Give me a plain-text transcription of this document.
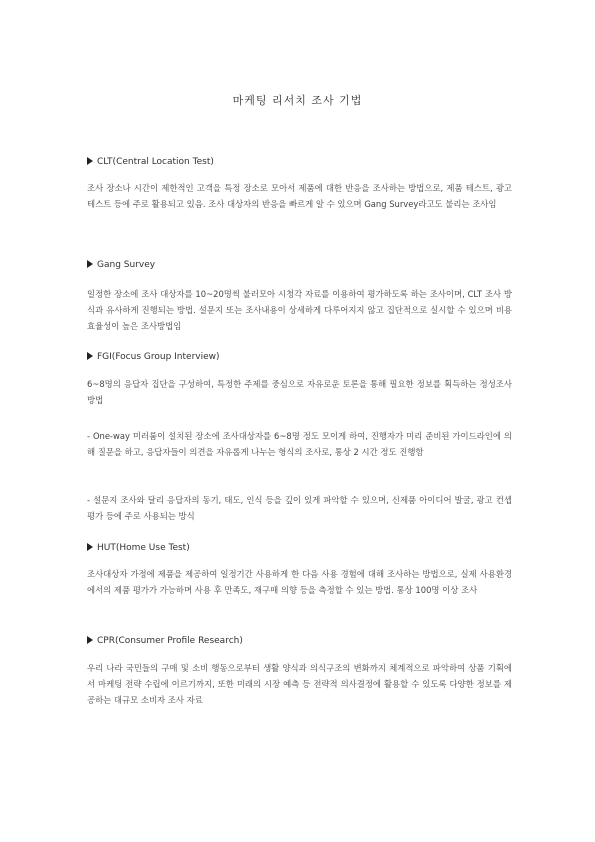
마케팅 리서치 조사 기법
CLT(Central Location Test)
조사 장소나 시간이 제한적인 고객을 특정 장소로 모아서 제품에 대한 반응을 조사하는 방법으로, 제품 테스트, 광고 테스트 등에 주로 활용되고 있음. 조사 대상자의 반응을 빠르게 알 수 있으며 Gang Survey라고도 불리는 조사임
Gang Survey
일정한 장소에 조사 대상자를 10~20명씩 불러모아 시청각 자료를 이용하여 평가하도록 하는 조사이며, CLT 조사 방식과 유사하게 진행되는 방법. 설문지 또는 조사내용이 상세하게 다루어지지 않고 집단적으로 실시할 수 있으며 비용효율성이 높은 조사방법임
FGI(Focus Group Interview)
6~8명의 응답자 집단을 구성하여, 특정한 주제를 중심으로 자유로운 토론을 통해 필요한 정보를 획득하는 정성조사 방법
- One-way 미러룸이 설치된 장소에 조사대상자를 6~8명 정도 모이게 하여, 진행자가 미리 준비된 가이드라인에 의해 질문을 하고, 응답자들이 의견을 자유롭게 나누는 형식의 조사로, 통상 2 시간 정도 진행함
- 설문지 조사와 달리 응답자의 동기, 태도, 인식 등을 깊이 있게 파악할 수 있으며, 신제품 아이디어 발굴, 광고 컨셉 평가 등에 주로 사용되는 방식
HUT(Home Use Test)
조사대상자 가정에 제품을 제공하여 일정기간 사용하게 한 다음 사용 경험에 대해 조사하는 방법으로, 실제 사용환경에서의 제품 평가가 가능하며 사용 후 만족도, 재구매 의향 등을 측정할 수 있는 방법. 통상 100명 이상 조사
CPR(Consumer Profile Research)
우리 나라 국민들의 구매 및 소비 행동으로부터 생활 양식과 의식구조의 변화까지 체계적으로 파악하여 상품 기획에서 마케팅 전략 수립에 이르기까지, 또한 미래의 시장 예측 등 전략적 의사결정에 활용할 수 있도록 다양한 정보를 제공하는 대규모 소비자 조사 자료
